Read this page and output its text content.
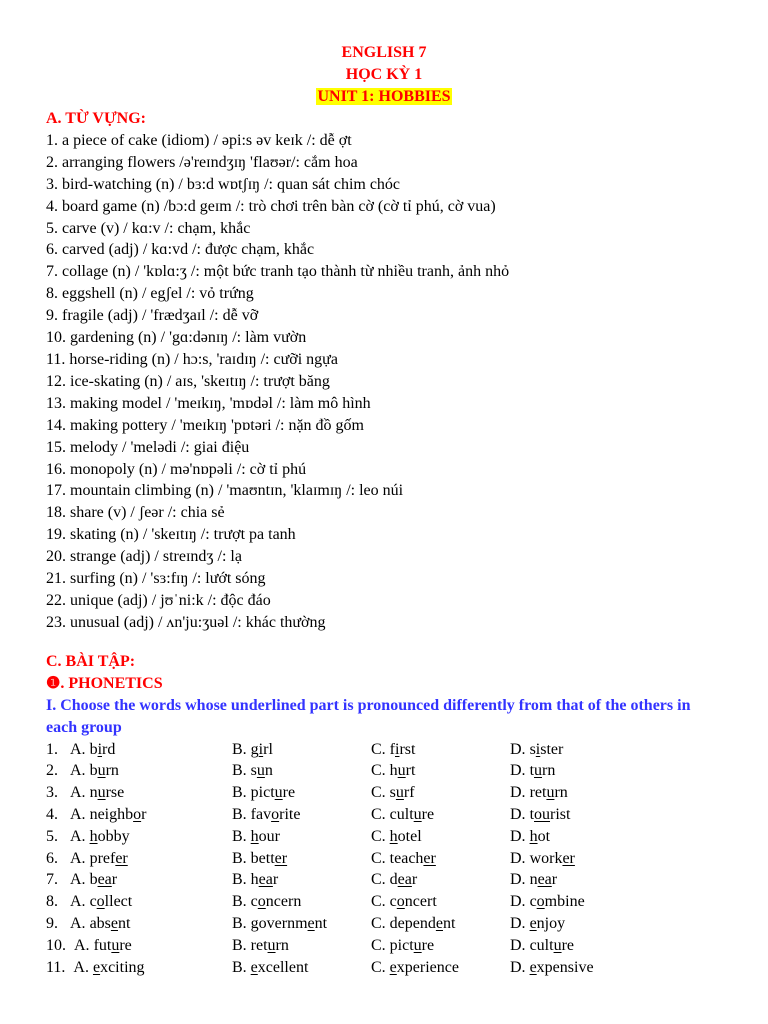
ENGLISH 7
HỌC KỲ 1
UNIT 1: HOBBIES
A. TỪ VỰNG:
1. a piece of cake (idiom) / əpi:s əv keɪk /: dễ ợt
2. arranging flowers /ə'reɪndʒɪŋ 'flaʊər/: cắm hoa
3. bird-watching (n) / bɜ:d wɒtʃɪŋ /: quan sát chim chóc
4. board game (n) /bɔ:d geɪm /: trò chơi trên bàn cờ (cờ tỉ phú, cờ vua)
5. carve (v) / kɑ:v /: chạm, khắc
6. carved (adj) / kɑ:vd /: được chạm, khắc
7. collage (n) / 'kɒlɑ:ʒ /: một bức tranh tạo thành từ nhiều tranh, ảnh nhỏ
8. eggshell (n) / egʃel /: vỏ trứng
9. fragile (adj) / 'frædʒaɪl /: dễ vỡ
10. gardening (n) / 'gɑ:dənɪŋ /: làm vườn
11. horse-riding (n) / hɔ:s, 'raɪdɪŋ /: cưỡi ngựa
12. ice-skating (n) / aɪs, 'skeɪtɪŋ /: trượt băng
13. making model / 'meɪkɪŋ, 'mɒdəl /: làm mô hình
14. making pottery / 'meɪkɪŋ 'pɒtəri /: nặn đồ gốm
15. melody / 'melədi /: giai điệu
16. monopoly (n) / mə'nɒpəli /: cờ tỉ phú
17. mountain climbing (n) / 'maʊntɪn, 'klaɪmɪŋ /: leo núi
18. share (v) / ʃeər /: chia sẻ
19. skating (n) / 'skeɪtɪŋ /: trượt pa tanh
20. strange (adj) / streɪndʒ /: lạ
21. surfing (n) / 'sɜ:fɪŋ /: lướt sóng
22. unique (adj) / jʊˈni:k /: độc đáo
23. unusual (adj) / ʌn'ju:ʒuəl /: khác thường
C. BÀI TẬP:
❶. PHONETICS
I. Choose the words whose underlined part is pronounced differently from that of the others in each group
1. A. bird	B. girl	C. first	D. sister
2. A. burn	B. sun	C. hurt	D. turn
3. A. nurse	B. picture	C. surf	D. return
4. A. neighbor	B. favorite	C. culture	D. tourist
5. A. hobby	B. hour	C. hotel	D. hot
6. A. prefer	B. better	C. teacher	D. worker
7. A. bear	B. hear	C. dear	D. near
8. A. collect	B. concern	C. concert	D. combine
9. A. absent	B. government	C. dependent	D. enjoy
10. A. future	B. return	C. picture	D. culture
11. A. exciting	B. excellent	C. experience	D. expensive
